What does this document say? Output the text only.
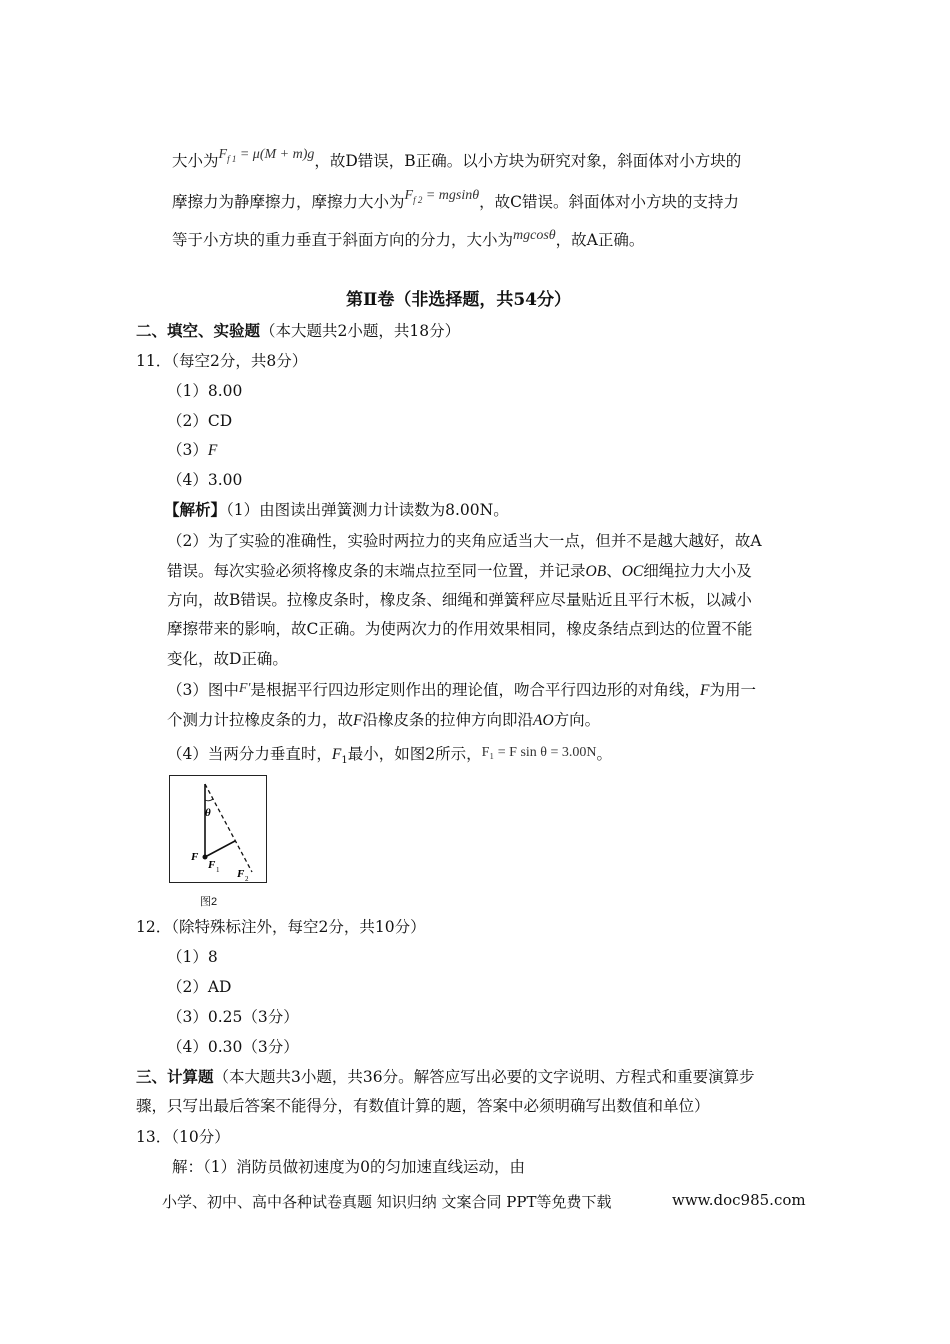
大小为$F_{f 1} = \mu(M + m)g$，故D错误，B正确。以小方块为研究对象，斜面体对小方块的
摩擦力为静摩擦力，摩擦力大小为$F_{f 2} = mgsin\theta$，故C错误。斜面体对小方块的支持力
等于小方块的重力垂直于斜面方向的分力，大小为mgcosθ，故A正确。
第Ⅱ卷（非选择题，共54分）
二、填空、实验题（本大题共2小题，共18分）
11．（每空2分，共8分）
（1）8.00
（2）CD
（3）F
（4）3.00
【解析】（1）由图读出弹簧测力计读数为8.00N。
（2）为了实验的准确性，实验时两拉力的夹角应适当大一点，但并不是越大越好，故A
错误。每次实验必须将橡皮条的末端点拉至同一位置，并记录OB、OC细绳拉力大小及
方向，故B错误。拉橡皮条时，橡皮条、细绳和弹簧秤应尽量贴近且平行木板，以减小
摩擦带来的影响，故C正确。为使两次力的作用效果相同，橡皮条结点到达的位置不能
变化，故D正确。
（3）图中F′是根据平行四边形定则作出的理论值，吻合平行四边形的对角线，F为用一
个测力计拉橡皮条的力，故F沿橡皮条的拉伸方向即沿AO方向。
（4）当两分力垂直时，$F_1$最小，如图2所示，F₁ = F sin θ = 3.00N。
θ
F
F 1 F 2
图2
12．（除特殊标注外，每空2分，共10分）
（1）8
（2）AD
（3）0.25（3分）
（4）0.30（3分）
三、计算题（本大题共3小题，共36分。解答应写出必要的文字说明、方程式和重要演算步
骤，只写出最后答案不能得分，有数值计算的题，答案中必须明确写出数值和单位）
13．（10分）
解：（1）消防员做初速度为0的匀加速直线运动，由
小学、初中、高中各种试卷真题 知识归纳 文案合同 PPT等免费下载	www.doc985.com
